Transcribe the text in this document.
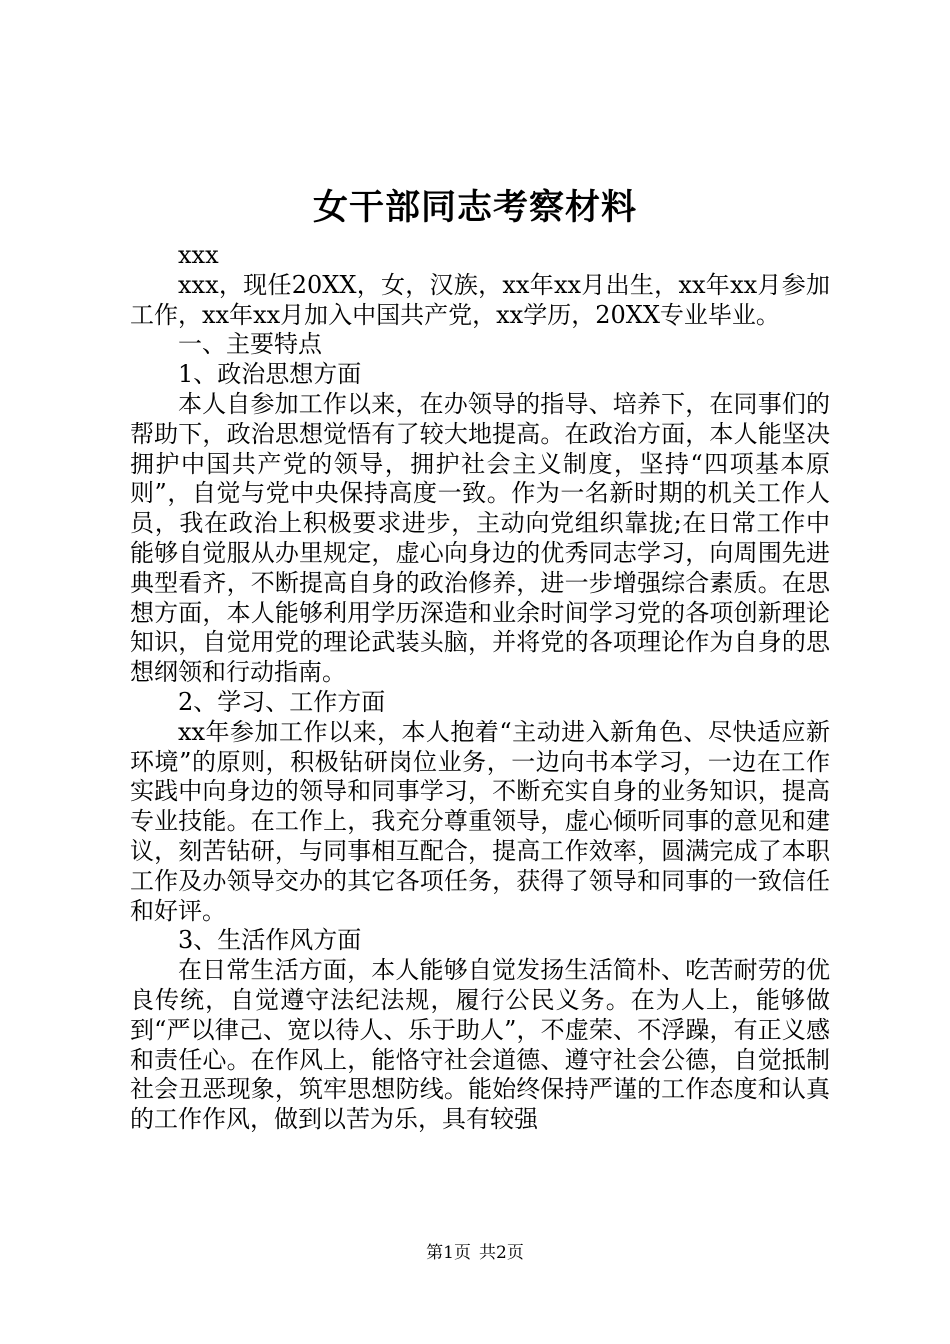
女干部同志考察材料

xxx

xxx，现任20XX，女，汉族，xx年xx月出生，xx年xx月参加工作，xx年xx月加入中国共产党，xx学历，20XX专业毕业。

一、主要特点

1、政治思想方面

本人自参加工作以来，在办领导的指导、培养下，在同事们的帮助下，政治思想觉悟有了较大地提高。在政治方面，本人能坚决拥护中国共产党的领导，拥护社会主义制度，坚持“四项基本原则”，自觉与党中央保持高度一致。作为一名新时期的机关工作人员，我在政治上积极要求进步，主动向党组织靠拢;在日常工作中能够自觉服从办里规定，虚心向身边的优秀同志学习，向周围先进典型看齐，不断提高自身的政治修养，进一步增强综合素质。在思想方面，本人能够利用学历深造和业余时间学习党的各项创新理论知识，自觉用党的理论武装头脑，并将党的各项理论作为自身的思想纲领和行动指南。

2、学习、工作方面

xx年参加工作以来，本人抱着“主动进入新角色、尽快适应新环境”的原则，积极钻研岗位业务，一边向书本学习，一边在工作实践中向身边的领导和同事学习，不断充实自身的业务知识，提高专业技能。在工作上，我充分尊重领导，虚心倾听同事的意见和建议，刻苦钻研，与同事相互配合，提高工作效率，圆满完成了本职工作及办领导交办的其它各项任务，获得了领导和同事的一致信任和好评。

3、生活作风方面

在日常生活方面，本人能够自觉发扬生活简朴、吃苦耐劳的优良传统，自觉遵守法纪法规，履行公民义务。在为人上，能够做到“严以律己、宽以待人、乐于助人”，不虚荣、不浮躁，有正义感和责任心。在作风上，能恪守社会道德、遵守社会公德，自觉抵制社会丑恶现象，筑牢思想防线。能始终保持严谨的工作态度和认真的工作作风，做到以苦为乐，具有较强

第1页 共2页
